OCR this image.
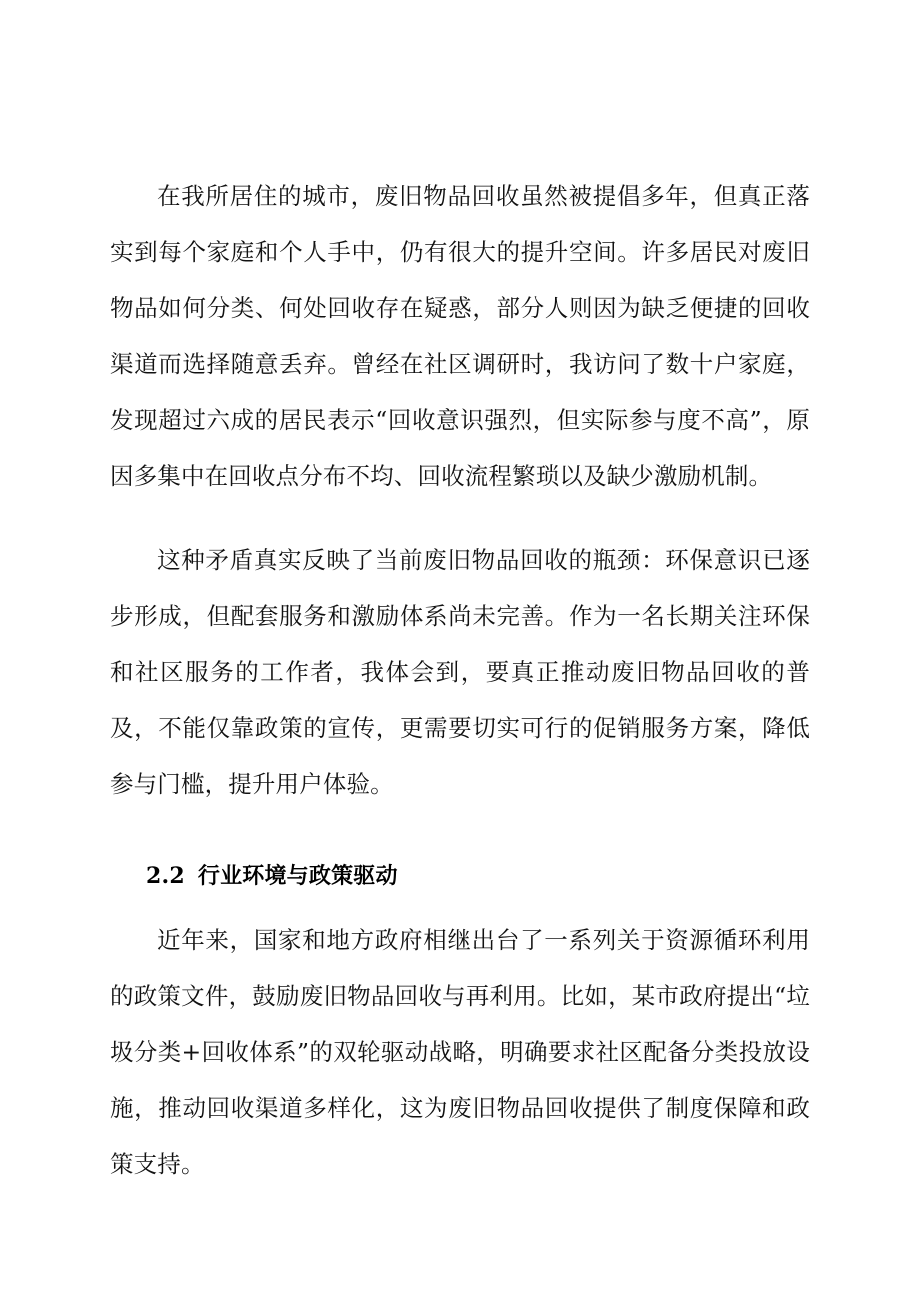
在我所居住的城市，废旧物品回收虽然被提倡多年，但真正落实到每个家庭和个人手中，仍有很大的提升空间。许多居民对废旧物品如何分类、何处回收存在疑惑，部分人则因为缺乏便捷的回收渠道而选择随意丢弃。曾经在社区调研时，我访问了数十户家庭，发现超过六成的居民表示“回收意识强烈，但实际参与度不高”，原因多集中在回收点分布不均、回收流程繁琐以及缺少激励机制。

这种矛盾真实反映了当前废旧物品回收的瓶颈：环保意识已逐步形成，但配套服务和激励体系尚未完善。作为一名长期关注环保和社区服务的工作者，我体会到，要真正推动废旧物品回收的普及，不能仅靠政策的宣传，更需要切实可行的促销服务方案，降低参与门槛，提升用户体验。

2.2 行业环境与政策驱动

近年来，国家和地方政府相继出台了一系列关于资源循环利用的政策文件，鼓励废旧物品回收与再利用。比如，某市政府提出“垃圾分类+回收体系”的双轮驱动战略，明确要求社区配备分类投放设施，推动回收渠道多样化，这为废旧物品回收提供了制度保障和政策支持。
